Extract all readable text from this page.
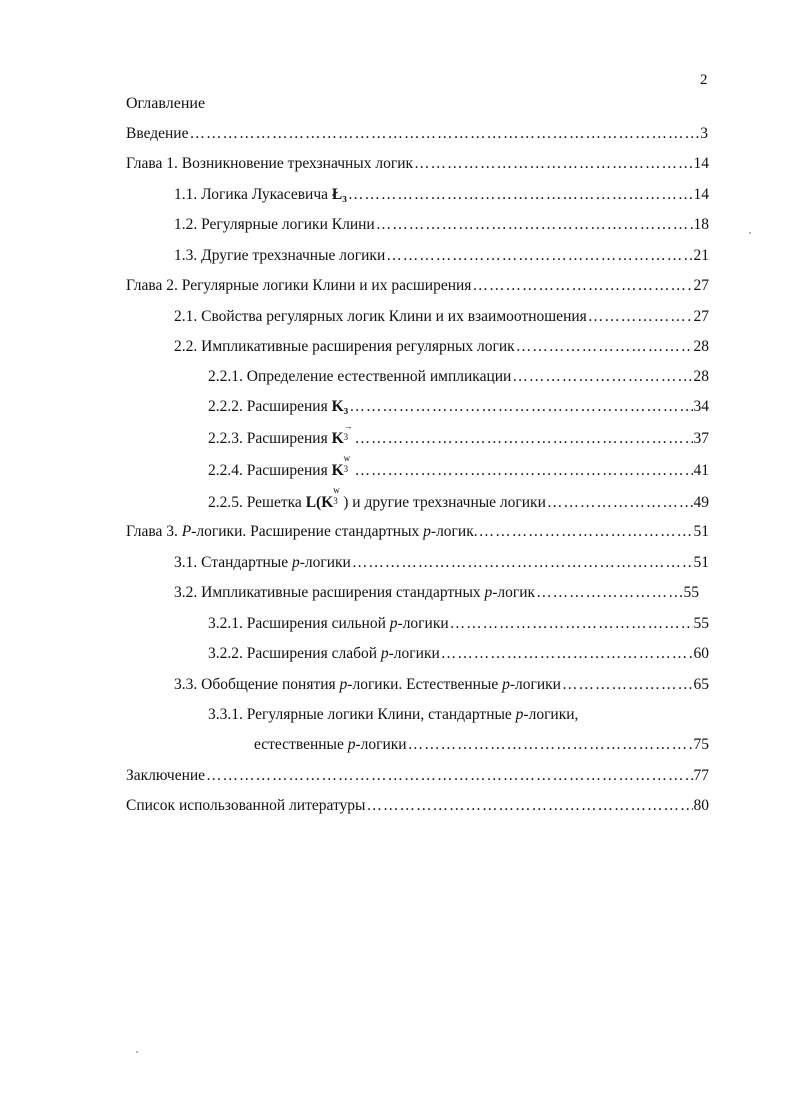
2
Оглавление
Введение ……………………………………………………………………………………………………………………………………………………………………	3
Глава 1. Возникновение трехзначных логик ……………………………………………………………………………………………………………………………………………………………………	14
1.1. Логика Лукасевича Ł₃ ……………………………………………………………………………………………………………………………………………………………………	14
1.2. Регулярные логики Клини ……………………………………………………………………………………………………………………………………………………………………	18
1.3. Другие трехзначные логики ……………………………………………………………………………………………………………………………………………………………………	21
Глава 2. Регулярные логики Клини и их расширения ……………………………………………………………………………………………………………………………………………………………………	27
2.1. Свойства регулярных логик Клини и их взаимоотношения ……………………………………………………………………………………………………………………………………………………………………	27
2.2. Импликативные расширения регулярных логик ……………………………………………………………………………………………………………………………………………………………………	28
2.2.1. Определение естественной импликации ……………………………………………………………………………………………………………………………………………………………………	28
2.2.2. Расширения K₃ ……………………………………………………………………………………………………………………………………………………………………	34
2.2.3. Расширения K
→
3 ……………………………………………………………………………………………………………………………………………………………………	37
2.2.4. Расширения K
w
3 ……………………………………………………………………………………………………………………………………………………………………	41
2.2.5. Решетка L(K
w
3 ) и другие трехзначные логики ……………………………………………………………………………………………………………………………………………………………………	49
Глава 3. P-логики. Расширение стандартных p-логик. ……………………………………………………………………………………………………………………………………………………………………	51
3.1. Стандартные p-логики ……………………………………………………………………………………………………………………………………………………………………	51
3.2. Импликативные расширения стандартных p-логик ……………………………………………………………………………………………………………………………………………………………………	55
3.2.1. Расширения сильной p-логики ……………………………………………………………………………………………………………………………………………………………………	55
3.2.2. Расширения слабой p-логики ……………………………………………………………………………………………………………………………………………………………………	60
3.3. Обобщение понятия p-логики. Естественные p-логики ……………………………………………………………………………………………………………………………………………………………………	65
3.3.1. Регулярные логики Клини, стандартные p-логики,
естественные p-логики ……………………………………………………………………………………………………………………………………………………………………	75
Заключение ……………………………………………………………………………………………………………………………………………………………………	77
Список использованной литературы ……………………………………………………………………………………………………………………………………………………………………	80
